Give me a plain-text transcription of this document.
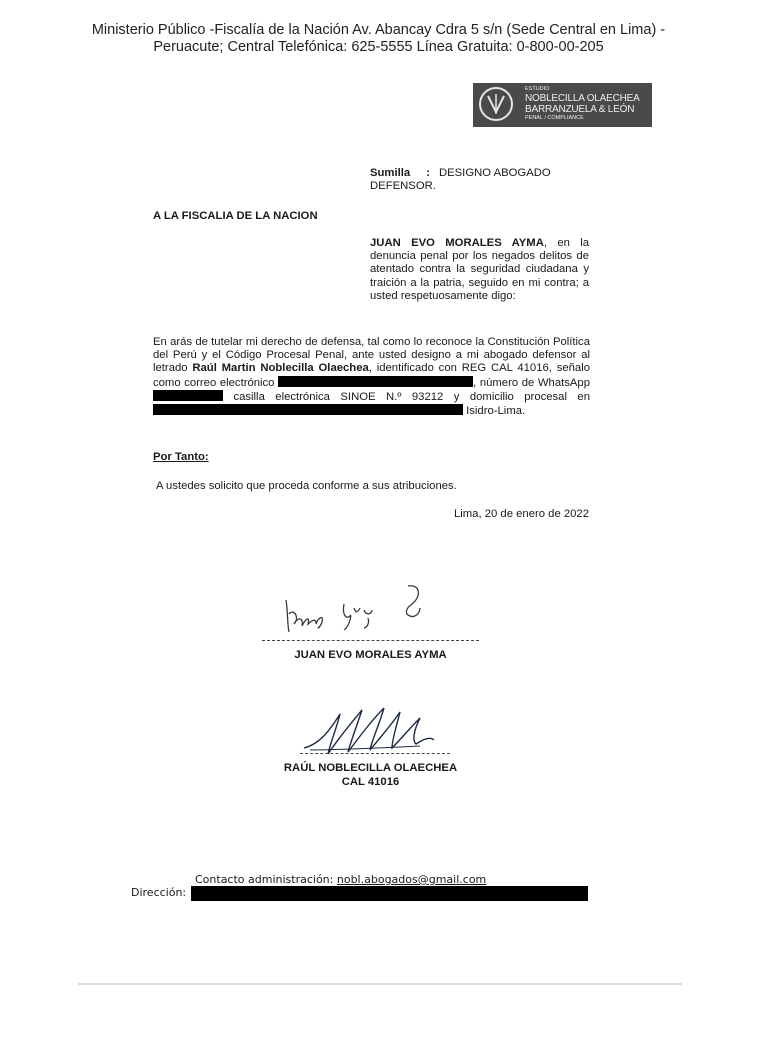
Ministerio Público -Fiscalía de la Nación Av. Abancay Cdra 5 s/n (Sede Central en Lima) -Peruacute; Central Telefónica: 625-5555 Línea Gratuita: 0-800-00-205
ESTUDIO
NOBLECILLA OLAECHEA
BARRANZUELA & LEÓN
PENAL / COMPLIANCE
Sumilla : DESIGNO ABOGADO
DEFENSOR.
A LA FISCALIA DE LA NACION
JUAN EVO MORALES AYMA, en la denuncia penal por los negados delitos de atentado contra la seguridad ciudadana y traición a la patria, seguido en mi contra; a usted respetuosamente digo:
En arás de tutelar mi derecho de defensa, tal como lo reconoce la Constitución Política del Perú y el Código Procesal Penal, ante usted designo a mi abogado defensor al letrado Raúl Martin Noblecilla Olaechea, identificado con REG CAL 41016, señalo como correo electrónico	, número de WhatsApp  casilla electrónica SINOE N.º 93212 y domicilio procesal en  Isidro-Lima.
Por Tanto:
A ustedes solicito que proceda conforme a sus atribuciones.
Lima, 20 de enero de 2022
JUAN EVO MORALES AYMA
RAÚL NOBLECILLA OLAECHEA
CAL 41016
Contacto administración: nobl.abogados@gmail.com
Dirección:
